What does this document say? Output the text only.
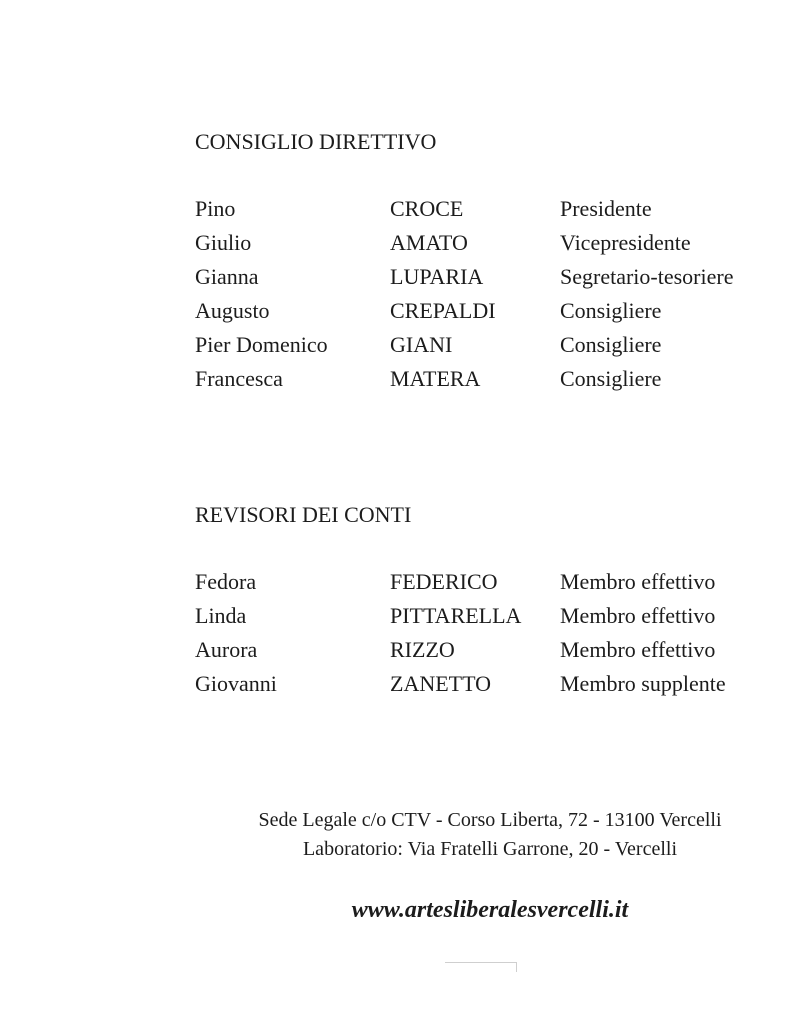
CONSIGLIO DIRETTIVO
Pino	CROCE	Presidente
Giulio	AMATO	Vicepresidente
Gianna	LUPARIA	Segretario-tesoriere
Augusto	CREPALDI	Consigliere
Pier Domenico	GIANI	Consigliere
Francesca	MATERA	Consigliere
REVISORI DEI CONTI
Fedora	FEDERICO	Membro effettivo
Linda	PITTARELLA Membro effettivo
Aurora	RIZZO	Membro effettivo
Giovanni	ZANETTO	Membro supplente
Sede Legale c/o CTV - Corso Liberta, 72 - 13100 Vercelli
Laboratorio: Via Fratelli Garrone, 20 - Vercelli
www.artesliberalesvercelli.it
